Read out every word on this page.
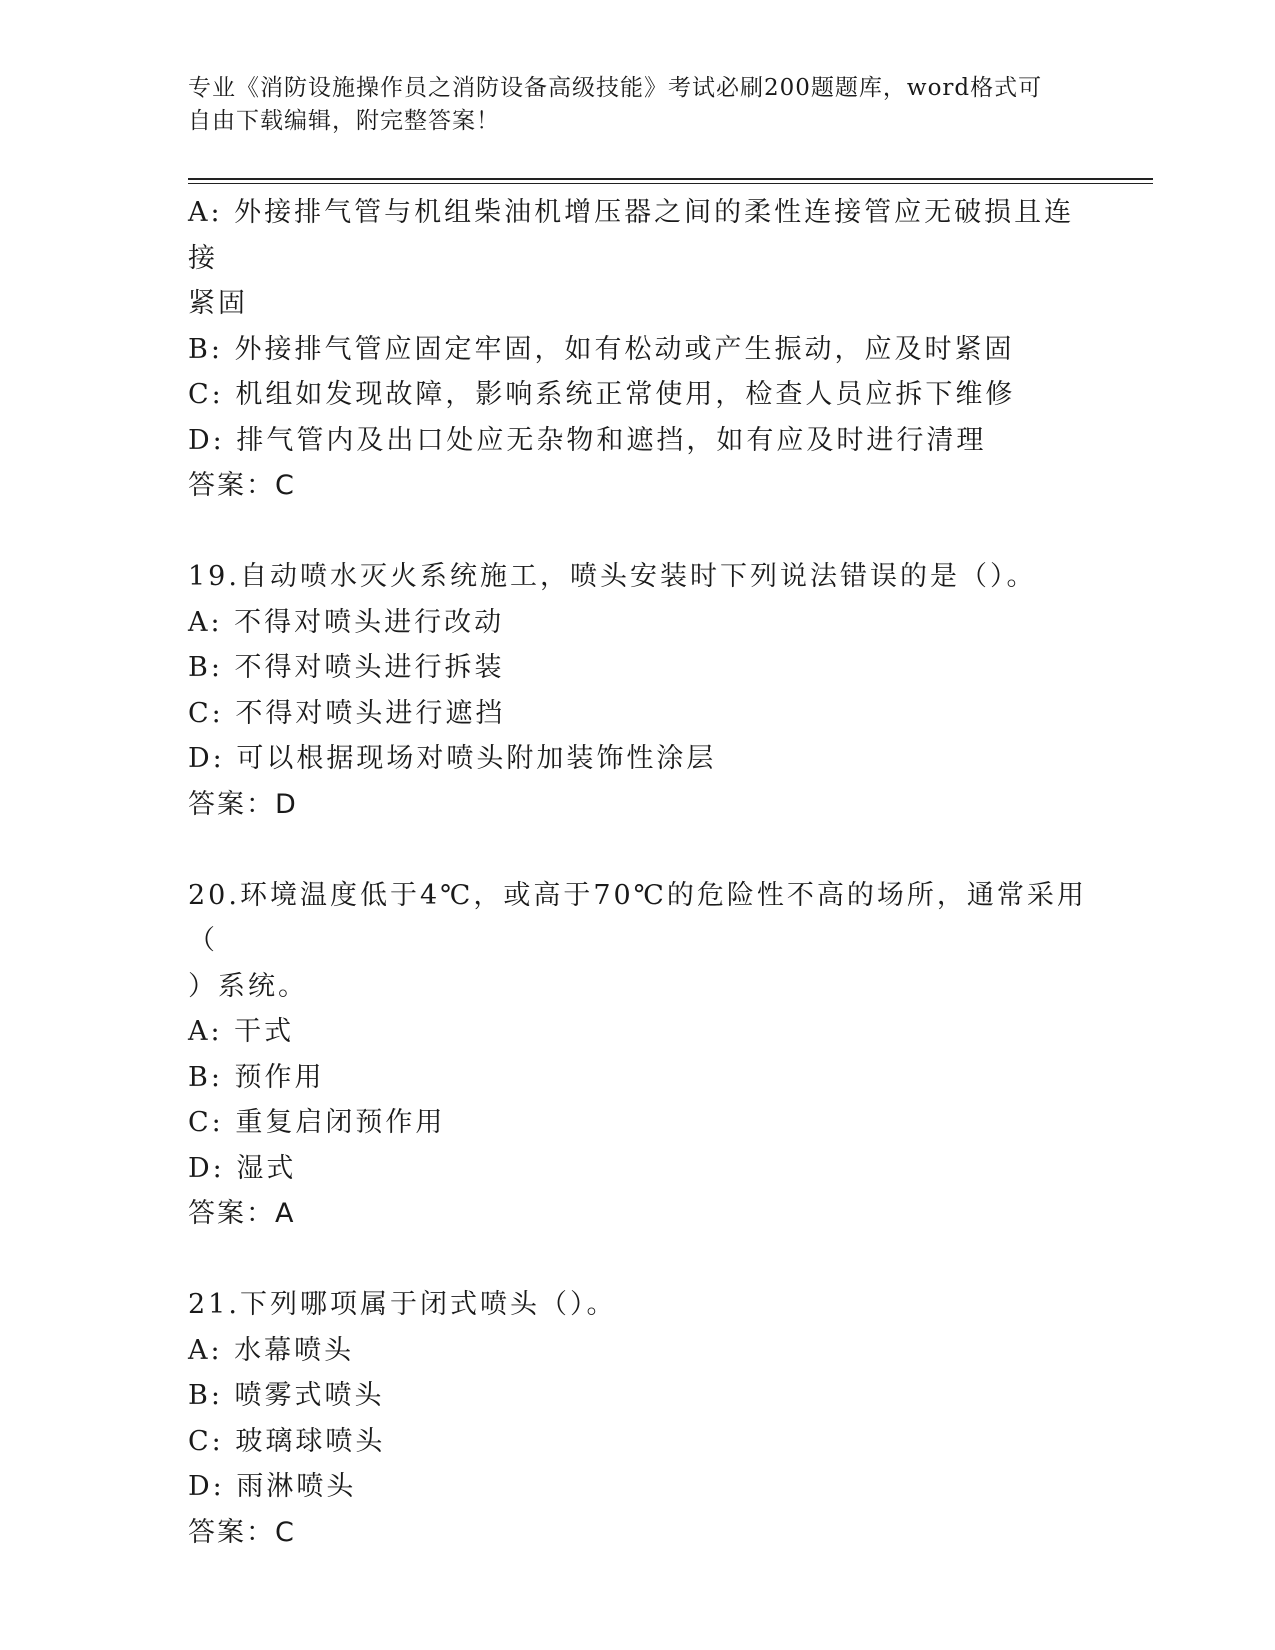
专业《消防设施操作员之消防设备高级技能》考试必刷200题题库，word格式可
自由下载编辑，附完整答案！
A: 外接排气管与机组柴油机增压器之间的柔性连接管应无破损且连接
紧固
B: 外接排气管应固定牢固，如有松动或产生振动，应及时紧固
C: 机组如发现故障，影响系统正常使用，检查人员应拆下维修
D: 排气管内及出口处应无杂物和遮挡，如有应及时进行清理
答案：C
19.自动喷水灭火系统施工，喷头安装时下列说法错误的是（）。
A: 不得对喷头进行改动
B: 不得对喷头进行拆装
C: 不得对喷头进行遮挡
D: 可以根据现场对喷头附加装饰性涂层
答案：D
20.环境温度低于4℃，或高于70℃的危险性不高的场所，通常采用（
）系统。
A: 干式
B: 预作用
C: 重复启闭预作用
D: 湿式
答案：A
21.下列哪项属于闭式喷头（）。
A: 水幕喷头
B: 喷雾式喷头
C: 玻璃球喷头
D: 雨淋喷头
答案：C
